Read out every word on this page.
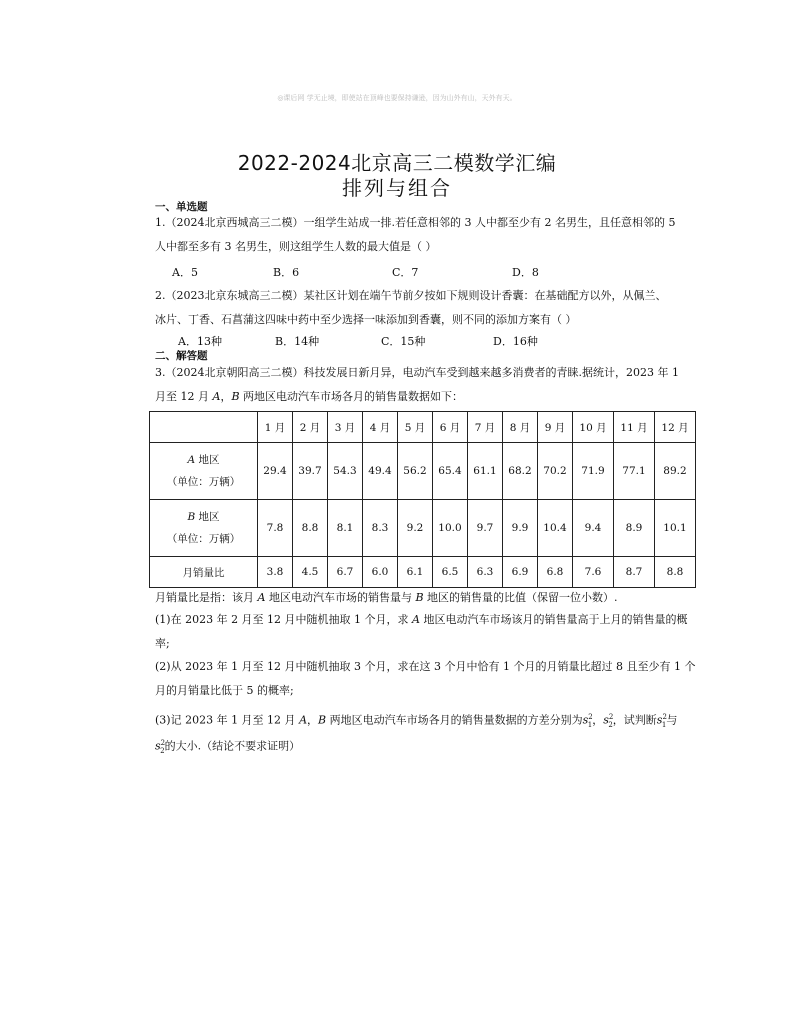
◎课后网 学无止境，即使站在顶峰也要保持谦逊，因为山外有山，天外有天。
2022-2024北京高三二模数学汇编
排列与组合
一、单选题
1.（2024北京西城高三二模）一组学生站成一排.若任意相邻的 3 人中都至少有 2 名男生，且任意相邻的 5
人中都至多有 3 名男生，则这组学生人数的最大值是（ ）
A．5	B．6	C．7	D．8
2.（2023北京东城高三二模）某社区计划在端午节前夕按如下规则设计香囊：在基础配方以外，从佩兰、
冰片、丁香、石菖蒲这四味中药中至少选择一味添加到香囊，则不同的添加方案有（ ）
A．13种	B．14种	C．15种	D．16种
二、解答题
3.（2024北京朝阳高三二模）科技发展日新月异，电动汽车受到越来越多消费者的青睐.据统计，2023 年 1
月至 12 月 A，B 两地区电动汽车市场各月的销售量数据如下：
	1 月	2 月	3 月	4 月	5 月	6 月	7 月	8 月	9 月	10 月	11 月	12 月

A 地区
（单位：万辆）	29.4	39.7	54.3	49.4	56.2	65.4	61.1	68.2	70.2	71.9	77.1	89.2

B 地区
（单位：万辆）	7.8	8.8	8.1	8.3	9.2	10.0	9.7	9.9	10.4	9.4	8.9	10.1
月销量比	3.8	4.5	6.7	6.0	6.1	6.5	6.3	6.9	6.8	7.6	8.7	8.8
月销量比是指：该月 A 地区电动汽车市场的销售量与 B 地区的销售量的比值（保留一位小数）.
(1)在 2023 年 2 月至 12 月中随机抽取 1 个月，求 A 地区电动汽车市场该月的销售量高于上月的销售量的概
率;
(2)从 2023 年 1 月至 12 月中随机抽取 3 个月，求在这 3 个月中恰有 1 个月的月销量比超过 8 且至少有 1 个
月的月销量比低于 5 的概率;
(3)记 2023 年 1 月至 12 月 A，B 两地区电动汽车市场各月的销售量数据的方差分别为$s^2_1$，$s^2_2$，试判断$s^2_1$与
$s^2_2$的大小.（结论不要求证明）
